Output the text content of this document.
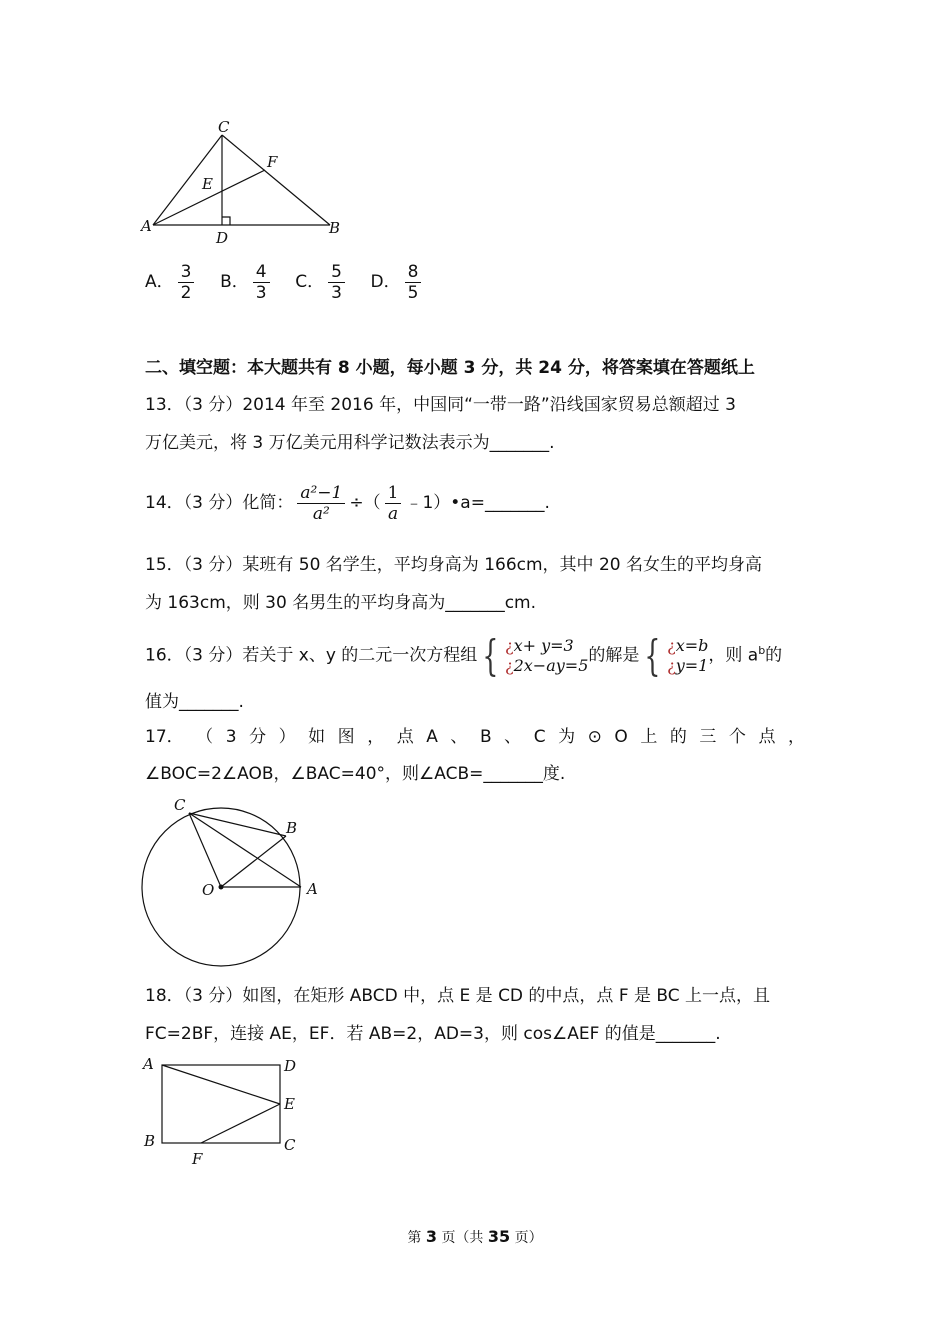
C
F
E
A
D
B
A． $\frac{3}{2}$ B． $\frac{4}{3}$ C． $\frac{5}{3}$ D． $\frac{8}{5}$
二、填空题：本大题共有 8 小题，每小题 3 分，共 24 分，将答案填在答题纸上
13．（3 分）2014 年至 2016 年，中国同“一带一路”沿线国家贸易总额超过 3
万亿美元，将 3 万亿美元用科学记数法表示为_______.
14．（3 分）化简： $\frac{\text{a²−1}}{\text{a²}}$ ÷（ $\frac{1}{a}$ ﹣1）•a=_______.
15．（3 分）某班有 50 名学生，平均身高为 166cm，其中 20 名女生的平均身高
为 163cm，则 30 名男生的平均身高为_______cm.
16．（3 分）若关于 x、y 的二元一次方程组 { ¿x+ y=3
¿2x−ay=5的解是 { ¿x=b
¿y=1，则 $a^b$的
值为_______.
17． （ 3 分 ） 如 图 ， 点 A 、 B 、 C 为 ⊙ O 上 的 三 个 点 ，
∠BOC=2∠AOB，∠BAC=40°，则∠ACB=_______度.
C
B
O	A
18．（3 分）如图，在矩形 ABCD 中，点 E 是 CD 的中点，点 F 是 BC 上一点，且
FC=2BF，连接 AE，EF．若 AB=2，AD=3，则 cos∠AEF 的值是_______.
A	D
E
B
F
C
第 3 页（共 35 页）
